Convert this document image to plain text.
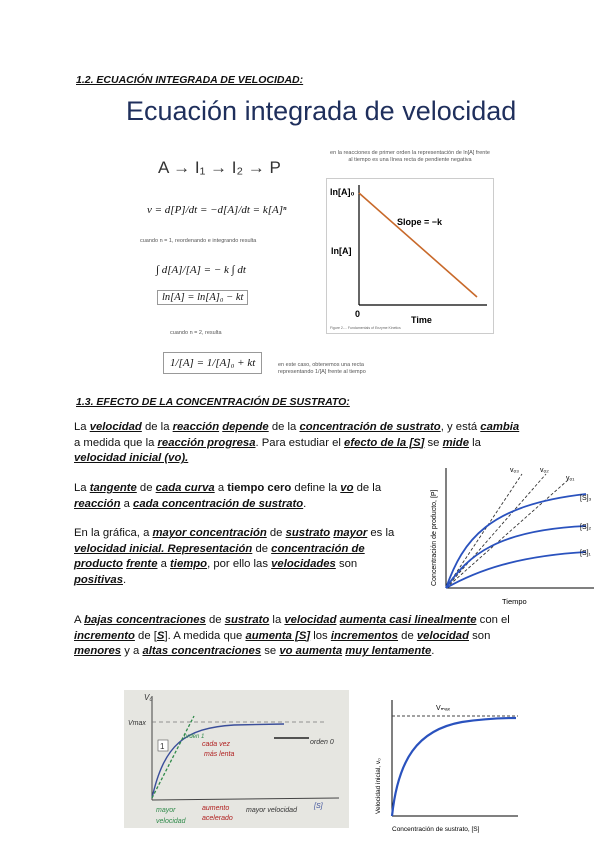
1.2. ECUACIÓN INTEGRADA DE VELOCIDAD:
Ecuación integrada de velocidad
A → I₁ → I₂ → P
v = d[P]/dt = −d[A]/dt = k[A]ⁿ
cuando n = 1, reordenando e integrando resulta
∫ d[A]/[A] = − k ∫ dt
ln[A] = ln[A]₀ − kt
cuando n = 2, resulta
1/[A] = 1/[A]₀ + kt	en este caso, obtenemos una recta representando 1/[A] frente al tiempo
en la reacciones de primer orden la representación de ln[A] frente al tiempo es una línea recta de pendiente negativa
ln[A]₀
ln[A]
Slope = −k
0
Time
Figure 2-... Fundamentals of Enzyme Kinetics
1.3. EFECTO DE LA CONCENTRACIÓN DE SUSTRATO:
La velocidad de la reacción depende de la concentración de sustrato, y está cambia a medida que la reacción progresa. Para estudiar el efecto de la [S] se mide la velocidad inicial (vo).
La tangente de cada curva a tiempo cero define la vo de la reacción a cada concentración de sustrato.
En la gráfica, a mayor concentración de sustrato mayor es la velocidad inicial. Representación de concentración de producto frente a tiempo, por ello las velocidades son positivas.
A bajas concentraciones de sustrato la velocidad aumenta casi linealmente con el incremento de [S]. A medida que aumenta [S] los incrementos de velocidad son menores y a altas concentraciones se vo aumenta muy lentamente.
vₒ₃	vₒ₂
vₒ₁
[S]₃
[S]₂
[S]₁
Tiempo
Concentración de producto, [P]
1
V₀
Vmax
cada vez
más lenta
orden 0
orden 1
mayor
velocidad
aumento
acelerado
mayor velocidad
[S]
Vₘₐₓ
Concentración de sustrato, [S]
Velocidad inicial, v₀
